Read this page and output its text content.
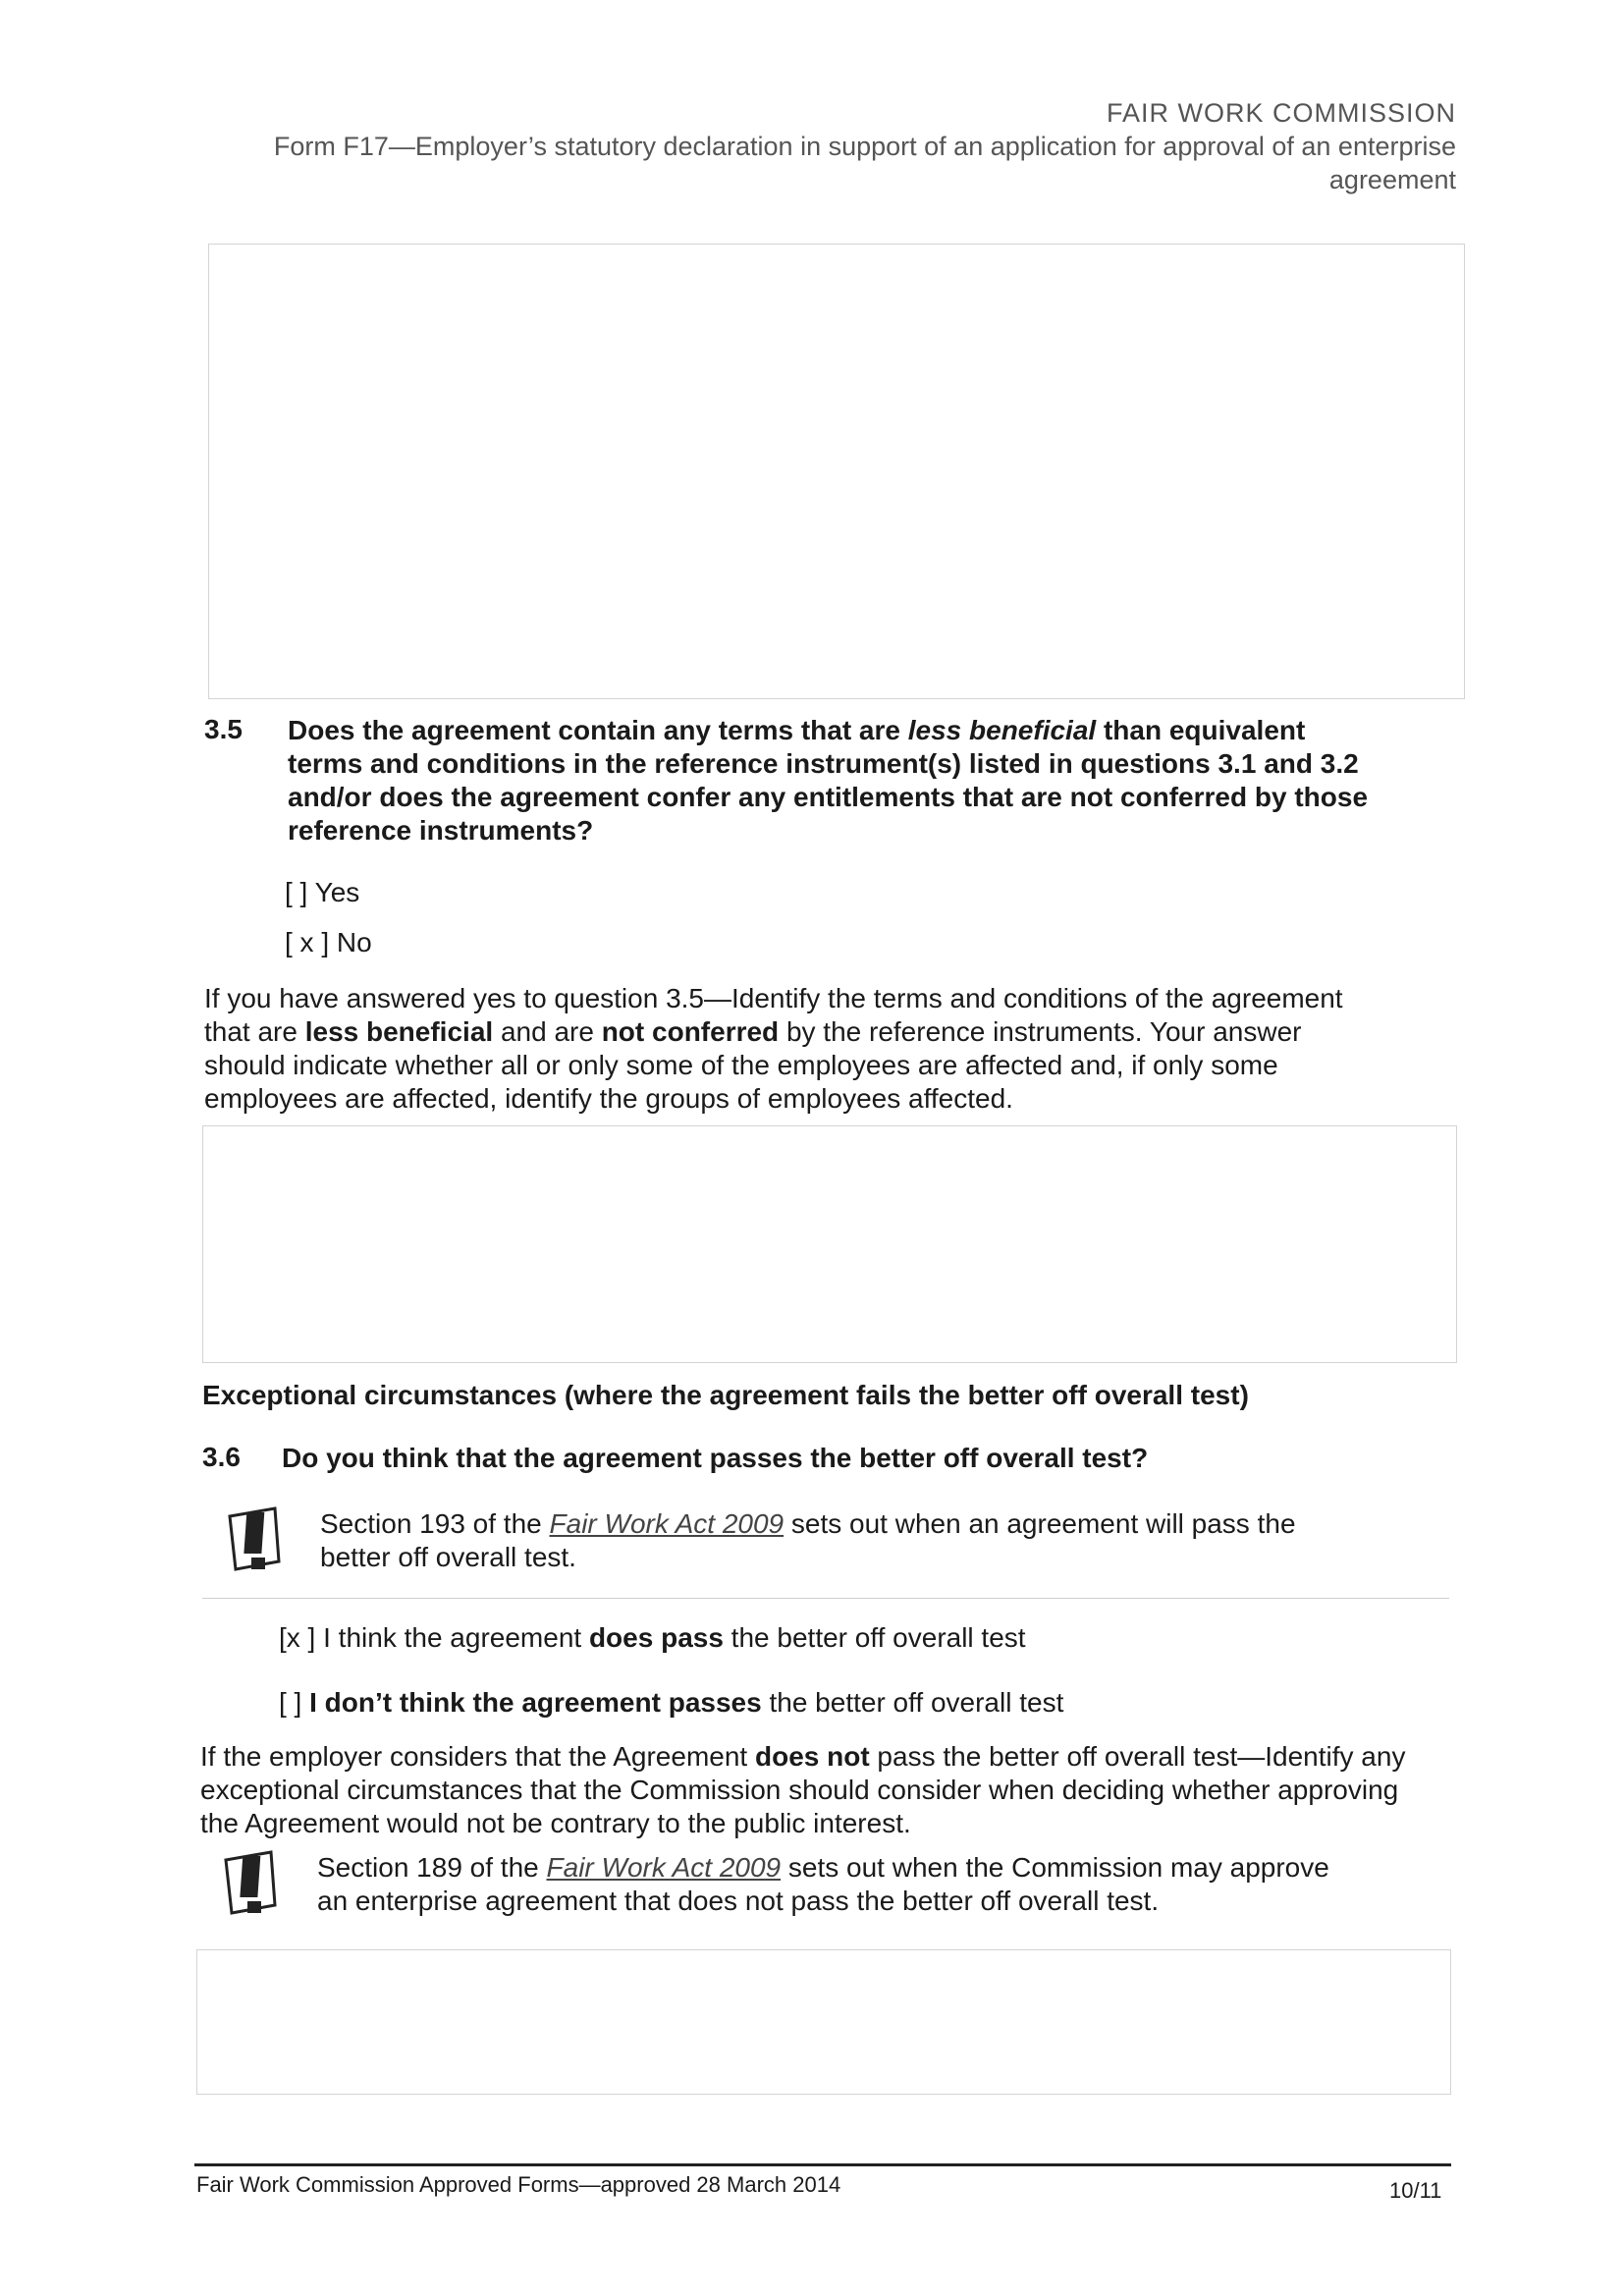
FAIR WORK COMMISSION
Form F17—Employer’s statutory declaration in support of an application for approval of an enterprise
agreement
3.5 Does the agreement contain any terms that are less beneficial than equivalent terms and conditions in the reference instrument(s) listed in questions 3.1 and 3.2 and/or does the agreement confer any entitlements that are not conferred by those reference instruments?
[ ] Yes
[ x ] No
If you have answered yes to question 3.5—Identify the terms and conditions of the agreement that are less beneficial and are not conferred by the reference instruments. Your answer should indicate whether all or only some of the employees are affected and, if only some employees are affected, identify the groups of employees affected.
Exceptional circumstances (where the agreement fails the better off overall test)
3.6 Do you think that the agreement passes the better off overall test?
Section 193 of the Fair Work Act 2009 sets out when an agreement will pass the better off overall test.
[x ] I think the agreement does pass the better off overall test
[ ] I don’t think the agreement passes the better off overall test
If the employer considers that the Agreement does not pass the better off overall test—Identify any exceptional circumstances that the Commission should consider when deciding whether approving the Agreement would not be contrary to the public interest.
Section 189 of the Fair Work Act 2009 sets out when the Commission may approve an enterprise agreement that does not pass the better off overall test.
Fair Work Commission Approved Forms—approved 28 March 2014	10/11
